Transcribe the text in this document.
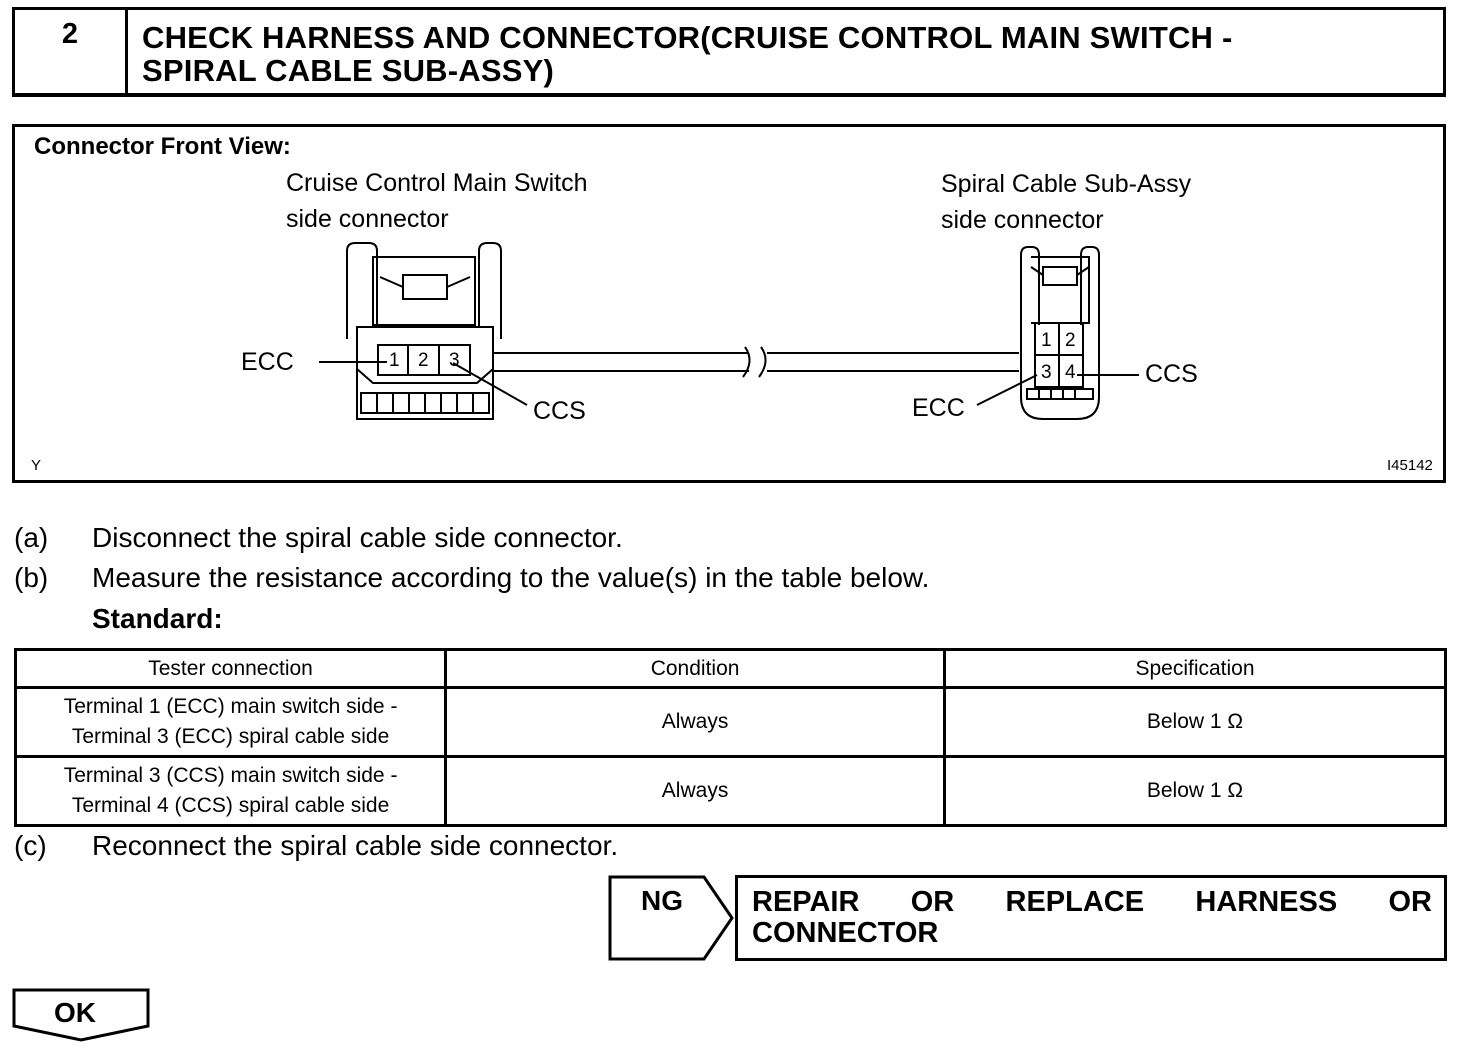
2	CHECK HARNESS AND CONNECTOR(CRUISE CONTROL MAIN SWITCH -
SPIRAL CABLE SUB-ASSY)
Connector Front View:
Cruise Control Main Switch
side connector
Spiral Cable Sub-Assy
side connector
1 2 3
1 2
3 4
ECC
CCS	ECC
CCS
Y	I45142
(a) Disconnect the spiral cable side connector.
(b) Measure the resistance according to the value(s) in the table below.
Standard:
Tester connection	Condition	Specification

Terminal 1 (ECC) main switch side -
Terminal 3 (ECC) spiral cable side	Always	Below 1 Ω

Terminal 3 (CCS) main switch side -
Terminal 4 (CCS) spiral cable side	Always	Below 1 Ω
(c) Reconnect the spiral cable side connector.
NG REPAIR OR REPLACE HARNESS OR
CONNECTOR
OK
